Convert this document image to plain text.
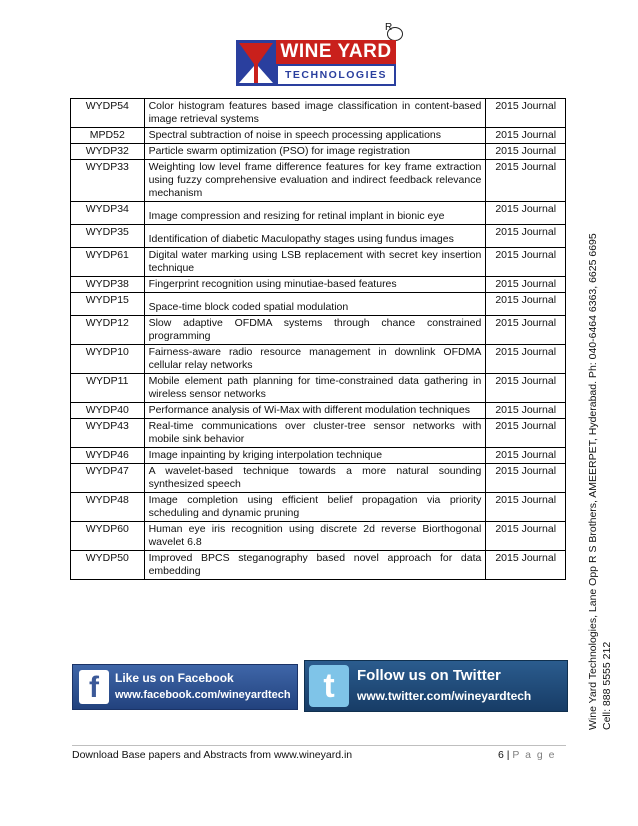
R
WINE YARD
TECHNOLOGIES
WYDP54	Color histogram features based image classification in content-based image retrieval systems	2015 Journal
MPD52	Spectral subtraction of noise in speech processing applications	2015 Journal
WYDP32	Particle swarm optimization (PSO) for image registration	2015 Journal
WYDP33	Weighting low level frame difference features for key frame extraction using fuzzy comprehensive evaluation and indirect feedback relevance mechanism	2015 Journal
WYDP34	Image compression and resizing for retinal implant in bionic eye	2015 Journal
WYDP35	Identification of diabetic Maculopathy stages using fundus images	2015 Journal
WYDP61	Digital water marking using LSB replacement with secret key insertion technique	2015 Journal
WYDP38	Fingerprint recognition using minutiae-based features	2015 Journal
WYDP15	Space-time block coded spatial modulation	2015 Journal
WYDP12	Slow adaptive OFDMA systems through chance constrained programming	2015 Journal
WYDP10	Fairness-aware radio resource management in downlink OFDMA cellular relay networks	2015 Journal
WYDP11	Mobile element path planning for time-constrained data gathering in wireless sensor networks	2015 Journal
WYDP40	Performance analysis of Wi-Max with different modulation techniques	2015 Journal
WYDP43	Real-time communications over cluster-tree sensor networks with mobile sink behavior	2015 Journal
WYDP46	Image inpainting by kriging interpolation technique	2015 Journal
WYDP47	A wavelet-based technique towards a more natural sounding synthesized speech	2015 Journal
WYDP48	Image completion using efficient belief propagation via priority scheduling and dynamic pruning	2015 Journal
WYDP60	Human eye iris recognition using discrete 2d reverse Biorthogonal wavelet 6.8	2015 Journal
WYDP50	Improved BPCS steganography based novel approach for data embedding	2015 Journal	Wine Yard Technologies, Lane Opp R S Brothers, AMEERPET, Hyderabad. Ph: 040-6464 6363, 6625 6695 Cell: 888 5555 212
f	Like us on Facebook
www.facebook.com/wineyardtech t	Follow us on Twitter
www.twitter.com/wineyardtech
Download Base papers and Abstracts from www.wineyard.in	6 | P a g e
